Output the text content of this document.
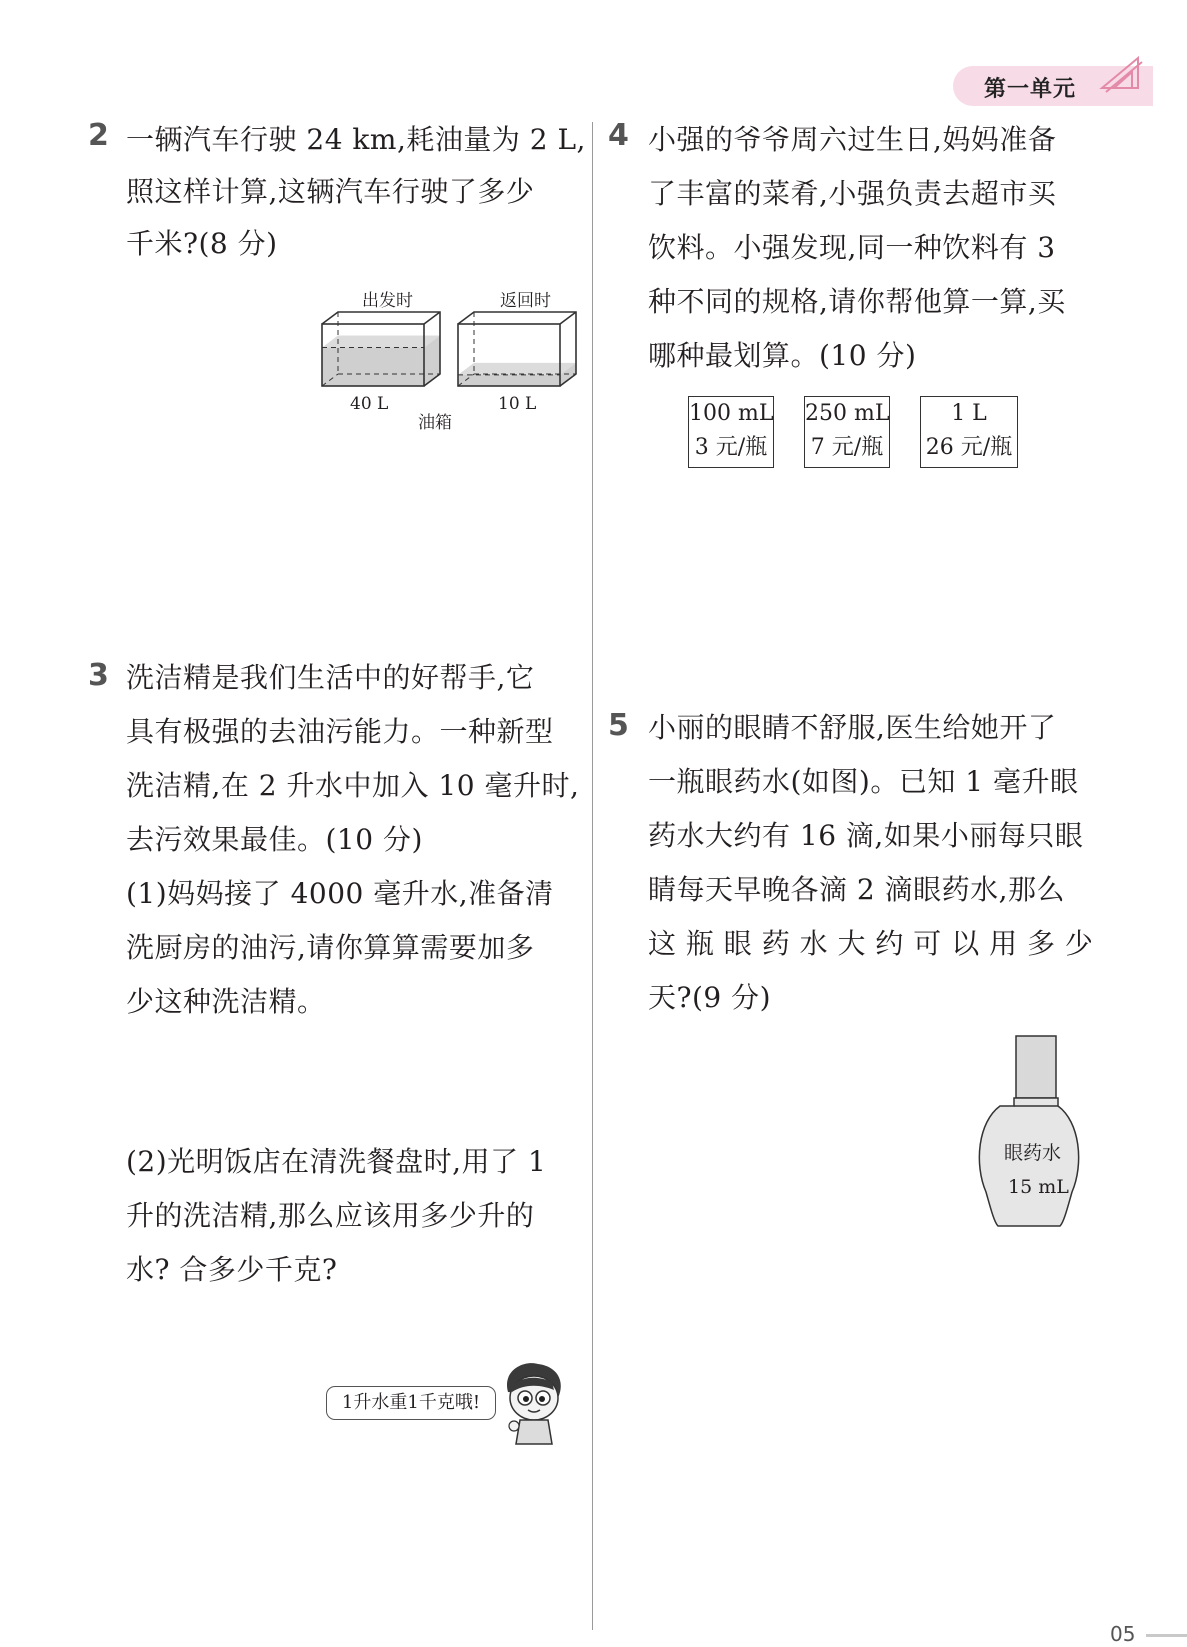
第一单元
2 一辆汽车行驶 24 km,耗油量为 2 L,
照这样计算,这辆汽车行驶了多少
千米?(8 分)
出发时	返回时
40 L	10 L
油箱
3 洗洁精是我们生活中的好帮手,它
具有极强的去油污能力。一种新型
洗洁精,在 2 升水中加入 10 毫升时,
去污效果最佳。(10 分)
(1)妈妈接了 4000 毫升水,准备清
洗厨房的油污,请你算算需要加多
少这种洗洁精。
(2)光明饭店在清洗餐盘时,用了 1
升的洗洁精,那么应该用多少升的
水? 合多少千克?
1升水重1千克哦!
4 小强的爷爷周六过生日,妈妈准备
了丰富的菜肴,小强负责去超市买
饮料。小强发现,同一种饮料有 3
种不同的规格,请你帮他算一算,买
哪种最划算。(10 分)
100 mL
3 元/瓶
250 mL
7 元/瓶
1 L
26 元/瓶
5 小丽的眼睛不舒服,医生给她开了
一瓶眼药水(如图)。已知 1 毫升眼
药水大约有 16 滴,如果小丽每只眼
睛每天早晚各滴 2 滴眼药水,那么
这 瓶 眼 药 水 大 约 可 以 用 多 少
天?(9 分)
眼药水
15 mL
05
